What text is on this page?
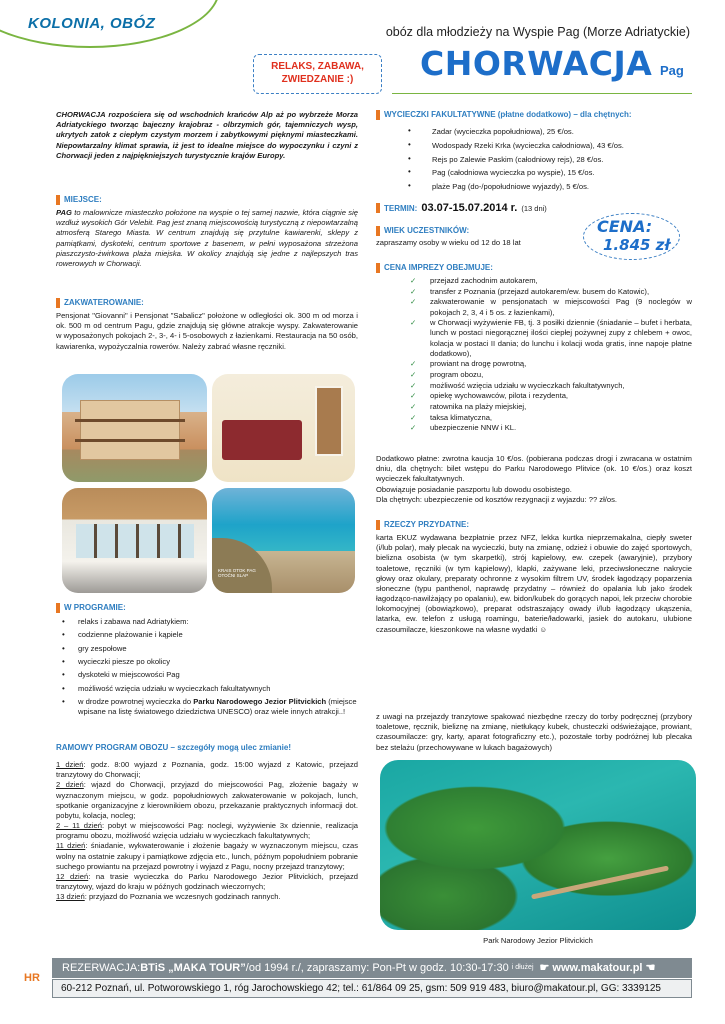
KOLONIA, OBÓZ	obóz dla młodzieży na Wyspie Pag (Morze Adriatyckie)
RELAKS, ZABAWA,
ZWIEDZANIE :)	CHORWACJA Pag
CHORWACJA rozpościera się od wschodnich krańców Alp aż po wybrzeże Morza Adriatyckiego tworząc bajeczny krajobraz - olbrzymich gór, tajemniczych wysp, ukrytych zatok z ciepłym czystym morzem i zabytkowymi pięknymi miasteczkami. Niepowtarzalny klimat sprawia, iż jest to idealne miejsce do wypoczynku i czyni z Chorwacji jeden z najpiękniejszych turystycznie krajów Europy.
MIEJSCE:
PAG to malownicze miasteczko położone na wyspie o tej samej nazwie, która ciągnie się wzdłuż wysokich Gór Velebit. Pag jest znaną miejscowością turystyczną z niepowtarzalną atmosferą Starego Miasta. W centrum znajdują się przytulne kawiarenki, sklepy z pamiątkami, dyskoteki, centrum sportowe z basenem, w pełni wyposażona strzeżona piaszczysto-żwirkowa plaża miejska. W okolicy znajdują się jedne z najlepszych tras rowerowych w Chorwacji.
ZAKWATEROWANIE:
Pensjonat "Giovanni" i Pensjonat "Sabalicz" położone w odległości ok. 300 m od morza i ok. 500 m od centrum Pagu, gdzie znajdują się główne atrakcje wyspy. Zakwaterowanie w wyposażonych pokojach 2-, 3-, 4- i 5-osobowych z łazienkami. Restauracja na 50 osób, kawiarenka, wypożyczalnia rowerów. Należy zabrać własne ręczniki.
KRAIS OTOK PAG
OTOČNI SLAP
W PROGRAMIE:
• relaks i zabawa nad Adriatykiem:
• codzienne plażowanie i kąpiele
• gry zespołowe
• wycieczki piesze po okolicy
• dyskoteki w miejscowości Pag
• możliwość wzięcia udziału w wycieczkach fakultatywnych
• w drodze powrotnej wycieczka do Parku Narodowego Jezior Plitvickich (miejsce wpisane na listę światowego dziedzictwa UNESCO) oraz wiele innych atrakcji..!
RAMOWY PROGRAM OBOZU – szczegóły mogą ulec zmianie!

1 dzień: godz. 8:00 wyjazd z Poznania, godz. 15:00 wyjazd z Katowic, przejazd tranzytowy do Chorwacji;

2 dzień: wjazd do Chorwacji, przyjazd do miejscowości Pag, złożenie bagaży w wyznaczonym miejscu, w godz. popołudniowych zakwaterowanie w pokojach, lunch, spotkanie organizacyjne z kierownikiem obozu, przekazanie praktycznych informacji dot. pobytu, kolacja, nocleg;

2 – 11 dzień: pobyt w miejscowości Pag: noclegi, wyżywienie 3x dziennie, realizacja programu obozu, możliwość wzięcia udziału w wycieczkach fakultatywnych;

11 dzień: śniadanie, wykwaterowanie i złożenie bagaży w wyznaczonym miejscu, czas wolny na ostatnie zakupy i pamiątkowe zdjęcia etc., lunch, późnym popołudniem pobranie suchego prowiantu na przejazd powrotny i wyjazd z Pagu, nocny przejazd tranzytowy;

12 dzień: na trasie wycieczka do Parku Narodowego Jezior Plitvickich, przejazd tranzytowy, wjazd do kraju w późnych godzinach wieczornych;

13 dzień: przyjazd do Poznania we wczesnych godzinach rannych.

WYCIECZKI FAKULTATYWNE (płatne dodatkowo) – dla chętnych:
• Zadar (wycieczka popołudniowa), 25 €/os.
• Wodospady Rzeki Krka (wycieczka całodniowa), 43 €/os.
• Rejs po Zalewie Paskim (całodniowy rejs), 28 €/os.
• Pag (całodniowa wycieczka po wyspie), 15 €/os.
• plaże Pag (do-/popołudniowe wyjazdy), 5 €/os.
TERMIN: 03.07-15.07.2014 r. (13 dni)
CENA:
1.845 zł
WIEK UCZESTNIKÓW:
zapraszamy osoby w wieku od 12 do 18 lat
CENA IMPREZY OBEJMUJE:
✓ przejazd zachodnim autokarem,
✓ transfer z Poznania (przejazd autokarem/ew. busem do Katowic),
✓ zakwaterowanie w pensjonatach w miejscowości Pag (9 noclegów w pokojach 2, 3, 4 i 5 os. z łazienkami),
✓ w Chorwacji wyżywienie FB, tj. 3 posiłki dziennie (śniadanie – bufet i herbata, lunch w postaci niegorącznej ilości ciepłej pożywnej zupy z chlebem + owoc, kolacja w postaci II dania; do lunchu i kolacji woda gratis, inne napoje płatne dodatkowo),
✓ prowiant na drogę powrotną,
✓ program obozu,
✓ możliwość wzięcia udziału w wycieczkach fakultatywnych,
✓ opiekę wychowawców, pilota i rezydenta,
✓ ratownika na plaży miejskiej,
✓ taksa klimatyczna,
✓ ubezpieczenie NNW i KL.
Dodatkowo płatne: zwrotna kaucja 10 €/os. (pobierana podczas drogi i zwracana w ostatnim dniu, dla chętnych: bilet wstępu do Parku Narodowego Plitvice (ok. 10 €/os.) oraz koszt wycieczek fakultatywnych.
Obowiązuje posiadanie paszportu lub dowodu osobistego.
Dla chętnych: ubezpieczenie od kosztów rezygnacji z wyjazdu: ?? zł/os.
RZECZY PRZYDATNE:
karta EKUZ wydawana bezpłatnie przez NFZ, lekka kurtka nieprzemakalna, ciepły sweter (i/lub polar), mały plecak na wycieczki, buty na zmianę, odzież i obuwie do zajęć sportowych, bielizna osobista (w tym skarpetki), strój kąpielowy, ew. czepek (awaryjnie), przybory toaletowe, ręczniki (w tym kąpielowy), klapki, zażywane leki, przeciwsłoneczne nakrycie głowy oraz okulary, preparaty ochronne z wysokim filtrem UV, środek łagodzący poparzenia słoneczne (typu panthenol, naprawdę przydatny – również do opalania lub jako środek łagodząco-nawilżający po opalaniu), ew. bidon/kubek do gorących napoi, lek przeciw chorobie lokomocyjnej (obowiązkowo), preparat odstraszający owady i/lub łagodzący ukąszenia, latarka, ew. telefon z usługą roamingu, baterie/ładowarki, jasiek do autokaru, ulubione czasoumilacze, kieszonkowe na własne wydatki ☺
z uwagi na przejazdy tranzytowe spakować niezbędne rzeczy do torby podręcznej (przybory toaletowe, ręcznik, bieliznę na zmianę, nietłukący kubek, chusteczki odświeżające, prowiant, czasoumilacze: gry, karty, aparat fotograficzny etc.), pozostałe torby podróżnej lub plecaka bez stelażu (przechowywane w lukach bagażowych)
Park Narodowy Jezior Plitvickich
HR
REZERWACJA: BTiS „MAKA TOUR” /od 1994 r./, zapraszamy: Pon-Pt w godz. 10:30-17:30 i dłużej ☛ www.makatour.pl ☚
60-212 Poznań, ul. Potworowskiego 1, róg Jarochowskiego 42; tel.: 61/864 09 25, gsm: 509 919 483, biuro@makatour.pl, GG: 3339125
